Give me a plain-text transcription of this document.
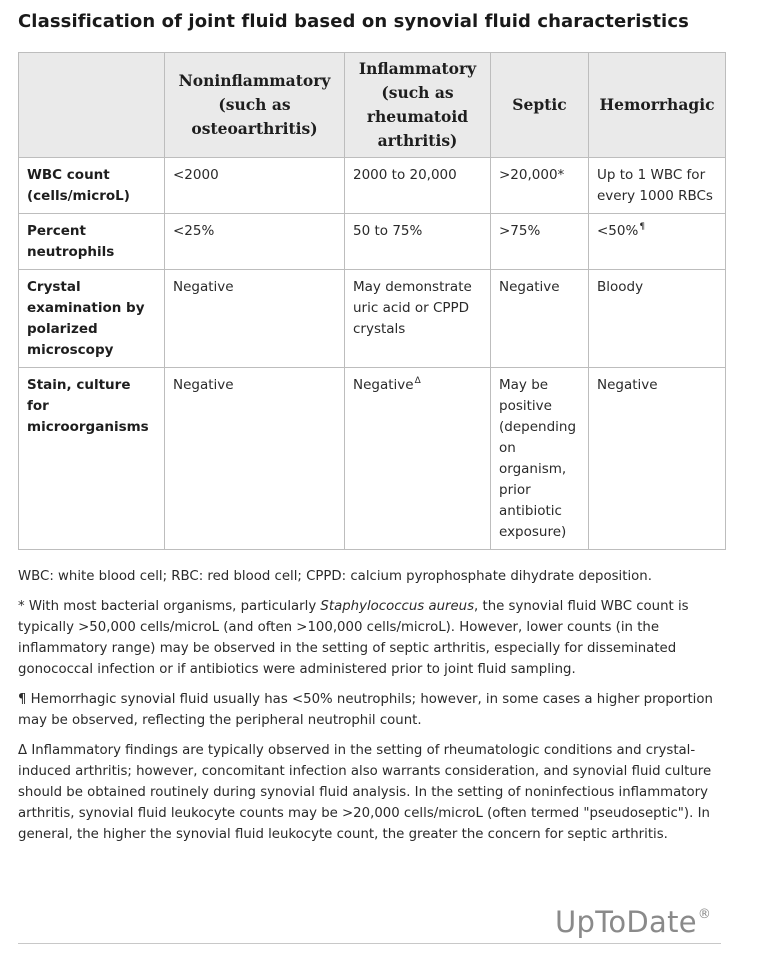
Classification of joint fluid based on synovial fluid characteristics
	Noninflammatory (such as osteoarthritis)	Inflammatory (such as rheumatoid arthritis)	Septic	Hemorrhagic
WBC count (cells/microL)	<2000	2000 to 20,000	>20,000*	Up to 1 WBC for every 1000 RBCs
Percent neutrophils	<25%	50 to 75%	>75%	<50%¶
Crystal examination by polarized microscopy	Negative	May demonstrate uric acid or CPPD crystals	Negative	Bloody
Stain, culture for microorganisms	Negative	Negative$^\Delta$	May be positive (depending on organism, prior antibiotic exposure)	Negative

WBC: white blood cell; RBC: red blood cell; CPPD: calcium pyrophosphate dihydrate deposition.

* With most bacterial organisms, particularly Staphylococcus aureus, the synovial fluid WBC count is typically >50,000 cells/microL (and often >100,000 cells/microL). However, lower counts (in the inflammatory range) may be observed in the setting of septic arthritis, especially for disseminated gonococcal infection or if antibiotics were administered prior to joint fluid sampling.

¶ Hemorrhagic synovial fluid usually has <50% neutrophils; however, in some cases a higher proportion may be observed, reflecting the peripheral neutrophil count.

Δ Inflammatory findings are typically observed in the setting of rheumatologic conditions and crystal-induced arthritis; however, concomitant infection also warrants consideration, and synovial fluid culture should be obtained routinely during synovial fluid analysis. In the setting of noninfectious inflammatory arthritis, synovial fluid leukocyte counts may be >20,000 cells/microL (often termed "pseudoseptic"). In general, the higher the synovial fluid leukocyte count, the greater the concern for septic arthritis.

UpToDate®
